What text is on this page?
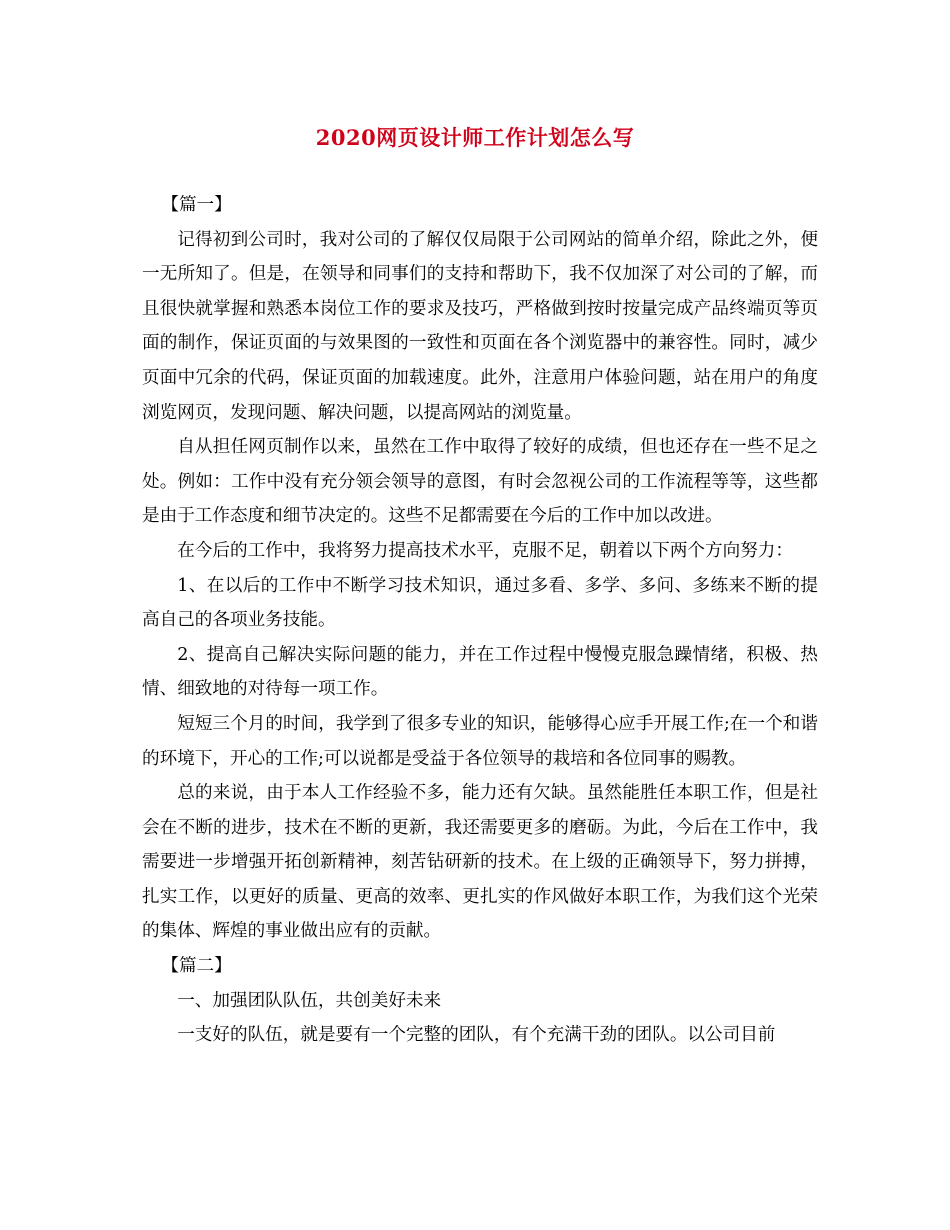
2020网页设计师工作计划怎么写

【篇一】

记得初到公司时，我对公司的了解仅仅局限于公司网站的简单介绍，除此之外，便一无所知了。但是，在领导和同事们的支持和帮助下，我不仅加深了对公司的了解，而且很快就掌握和熟悉本岗位工作的要求及技巧，严格做到按时按量完成产品终端页等页面的制作，保证页面的与效果图的一致性和页面在各个浏览器中的兼容性。同时，减少页面中冗余的代码，保证页面的加载速度。此外，注意用户体验问题，站在用户的角度浏览网页，发现问题、解决问题，以提高网站的浏览量。

自从担任网页制作以来，虽然在工作中取得了较好的成绩，但也还存在一些不足之处。例如：工作中没有充分领会领导的意图，有时会忽视公司的工作流程等等，这些都是由于工作态度和细节决定的。这些不足都需要在今后的工作中加以改进。

在今后的工作中，我将努力提高技术水平，克服不足，朝着以下两个方向努力：

1、在以后的工作中不断学习技术知识，通过多看、多学、多问、多练来不断的提高自己的各项业务技能。

2、提高自己解决实际问题的能力，并在工作过程中慢慢克服急躁情绪，积极、热情、细致地的对待每一项工作。

短短三个月的时间，我学到了很多专业的知识，能够得心应手开展工作;在一个和谐的环境下，开心的工作;可以说都是受益于各位领导的栽培和各位同事的赐教。

总的来说，由于本人工作经验不多，能力还有欠缺。虽然能胜任本职工作，但是社会在不断的进步，技术在不断的更新，我还需要更多的磨砺。为此，今后在工作中，我需要进一步增强开拓创新精神，刻苦钻研新的技术。在上级的正确领导下，努力拼搏，扎实工作，以更好的质量、更高的效率、更扎实的作风做好本职工作，为我们这个光荣的集体、辉煌的事业做出应有的贡献。

【篇二】

一、加强团队队伍，共创美好未来

一支好的队伍，就是要有一个完整的团队，有个充满干劲的团队。以公司目前
